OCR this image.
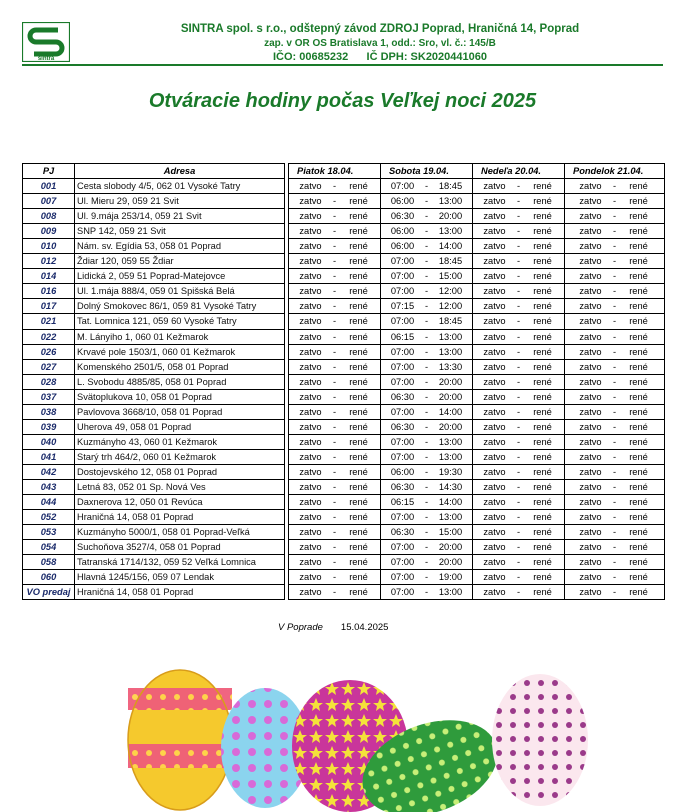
sintra
SINTRA spol. s r.o., odštepný závod ZDROJ Poprad, Hraničná 14, Poprad
zap. v OR OS Bratislava 1, odd.: Sro, vl. č.: 145/B
IČO: 00685232      IČ DPH: SK2020441060
Otváracie hodiny počas Veľkej noci 2025
PJ	Adresa		Piatok 18.04.	Sobota 19.04.	Nedeľa 20.04.	Pondelok 21.04.
001	Cesta slobody 4/5, 062 01 Vysoké Tatry		zatvo - rené	07:00 - 18:45	zatvo - rené	zatvo - rené
007	Ul. Mieru 29, 059 21 Svit		zatvo - rené	06:00 - 13:00	zatvo - rené	zatvo - rené
008	Ul. 9.mája 253/14, 059 21 Svit		zatvo - rené	06:30 - 20:00	zatvo - rené	zatvo - rené
009	SNP 142, 059 21 Svit		zatvo - rené	06:00 - 13:00	zatvo - rené	zatvo - rené
010	Nám. sv. Egídia 53, 058 01 Poprad		zatvo - rené	06:00 - 14:00	zatvo - rené	zatvo - rené
012	Ždiar 120, 059 55 Ždiar		zatvo - rené	07:00 - 18:45	zatvo - rené	zatvo - rené
014	Lidická 2, 059 51 Poprad-Matejovce		zatvo - rené	07:00 - 15:00	zatvo - rené	zatvo - rené
016	Ul. 1.mája 888/4, 059 01 Spišská Belá		zatvo - rené	07:00 - 12:00	zatvo - rené	zatvo - rené
017	Dolný Smokovec 86/1, 059 81 Vysoké Tatry		zatvo - rené	07:15 - 12:00	zatvo - rené	zatvo - rené
021	Tat. Lomnica 121, 059 60 Vysoké Tatry		zatvo - rené	07:00 - 18:45	zatvo - rené	zatvo - rené
022	M. Lányiho 1, 060 01 Kežmarok		zatvo - rené	06:15 - 13:00	zatvo - rené	zatvo - rené
026	Krvavé pole 1503/1, 060 01 Kežmarok		zatvo - rené	07:00 - 13:00	zatvo - rené	zatvo - rené
027	Komenského 2501/5, 058 01 Poprad		zatvo - rené	07:00 - 13:30	zatvo - rené	zatvo - rené
028	L. Svobodu 4885/85, 058 01 Poprad		zatvo - rené	07:00 - 20:00	zatvo - rené	zatvo - rené
037	Svätoplukova 10, 058 01 Poprad		zatvo - rené	06:30 - 20:00	zatvo - rené	zatvo - rené
038	Pavlovova 3668/10, 058 01 Poprad		zatvo - rené	07:00 - 14:00	zatvo - rené	zatvo - rené
039	Uherova 49, 058 01 Poprad		zatvo - rené	06:30 - 20:00	zatvo - rené	zatvo - rené
040	Kuzmányho 43, 060 01 Kežmarok		zatvo - rené	07:00 - 13:00	zatvo - rené	zatvo - rené
041	Starý trh 464/2, 060 01 Kežmarok		zatvo - rené	07:00 - 13:00	zatvo - rené	zatvo - rené
042	Dostojevského 12, 058 01 Poprad		zatvo - rené	06:00 - 19:30	zatvo - rené	zatvo - rené
043	Letná 83, 052 01 Sp. Nová Ves		zatvo - rené	06:30 - 14:30	zatvo - rené	zatvo - rené
044	Daxnerova 12, 050 01 Revúca		zatvo - rené	06:15 - 14:00	zatvo - rené	zatvo - rené
052	Hraničná 14, 058 01 Poprad		zatvo - rené	07:00 - 13:00	zatvo - rené	zatvo - rené
053	Kuzmányho 5000/1, 058 01 Poprad-Veľká		zatvo - rené	06:30 - 15:00	zatvo - rené	zatvo - rené
054	Suchoňova 3527/4, 058 01 Poprad		zatvo - rené	07:00 - 20:00	zatvo - rené	zatvo - rené
058	Tatranská 1714/132, 059 52 Veľká Lomnica		zatvo - rené	07:00 - 20:00	zatvo - rené	zatvo - rené
060	Hlavná 1245/156, 059 07 Lendak		zatvo - rené	07:00 - 19:00	zatvo - rené	zatvo - rené
VO predaj	Hraničná 14, 058 01 Poprad		zatvo - rené	07:00 - 13:00	zatvo - rené	zatvo - rené
V Poprade 15.04.2025
